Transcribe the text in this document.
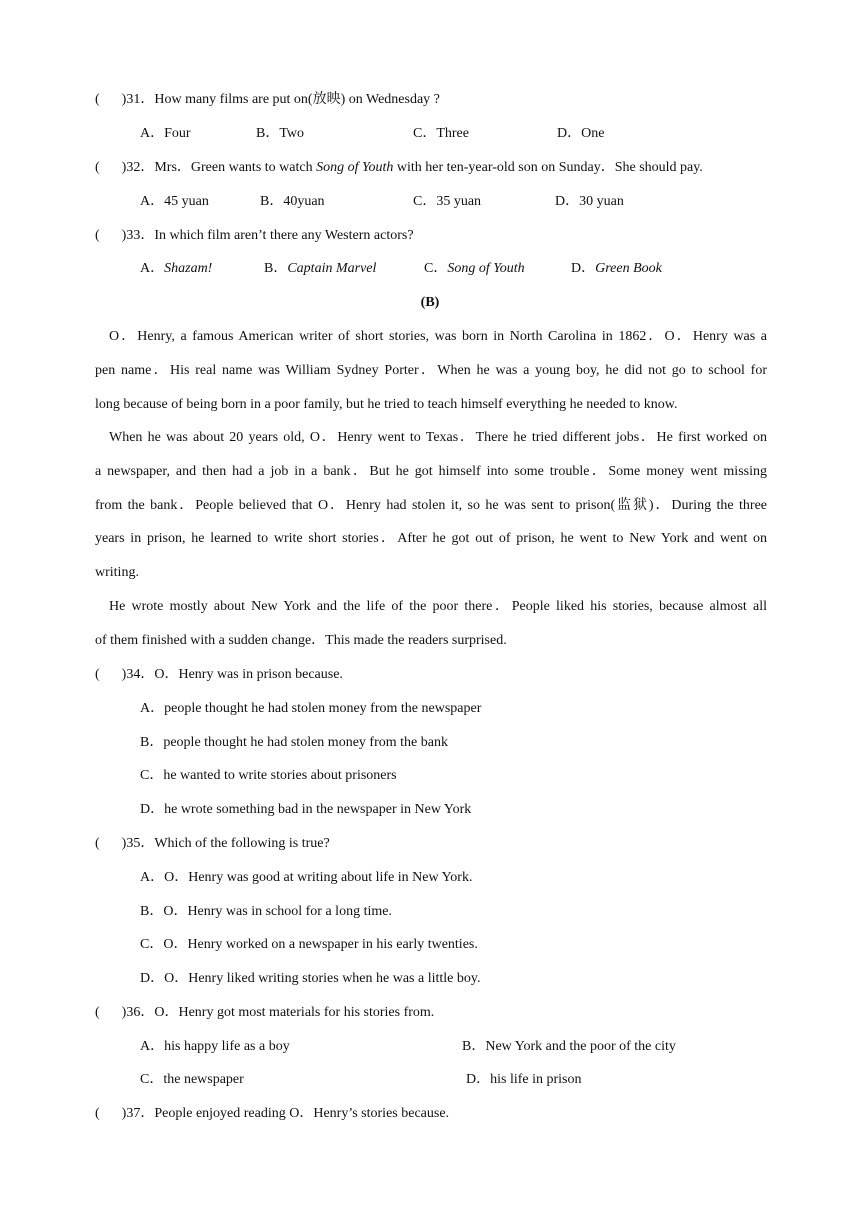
( )31．How many films are put on(放映) on Wednesday ?
A．Four	B．Two	C．Three	D．One
( )32．Mrs．Green wants to watch Song of Youth with her ten-year-old son on Sunday．She should pay.
A．45 yuan	B．40yuan	C．35 yuan	D．30 yuan
( )33．In which film aren’t there any Western actors?
A．Shazam!	B．Captain Marvel	C．Song of Youth	D．Green Book
(B)
O．Henry, a famous American writer of short stories, was born in North Carolina in 1862．O．Henry was a
pen name．His real name was William Sydney Porter．When he was a young boy, he did not go to school for
long because of being born in a poor family, but he tried to teach himself everything he needed to know.
When he was about 20 years old, O．Henry went to Texas．There he tried different jobs．He first worked on
a newspaper, and then had a job in a bank．But he got himself into some trouble．Some money went missing
from the bank．People believed that O．Henry had stolen it, so he was sent to prison(监狱)．During the three
years in prison, he learned to write short stories．After he got out of prison, he went to New York and went on
writing.
He wrote mostly about New York and the life of the poor there．People liked his stories, because almost all
of them finished with a sudden change．This made the readers surprised.
( )34．O．Henry was in prison because.
A．people thought he had stolen money from the newspaper
B．people thought he had stolen money from the bank
C．he wanted to write stories about prisoners
D．he wrote something bad in the newspaper in New York
( )35．Which of the following is true?
A．O．Henry was good at writing about life in New York.
B．O．Henry was in school for a long time.
C．O．Henry worked on a newspaper in his early twenties.
D．O．Henry liked writing stories when he was a little boy.
( )36．O．Henry got most materials for his stories from.
A．his happy life as a boy	B．New York and the poor of the city
C．the newspaper	D．his life in prison
( )37．People enjoyed reading O．Henry’s stories because.
